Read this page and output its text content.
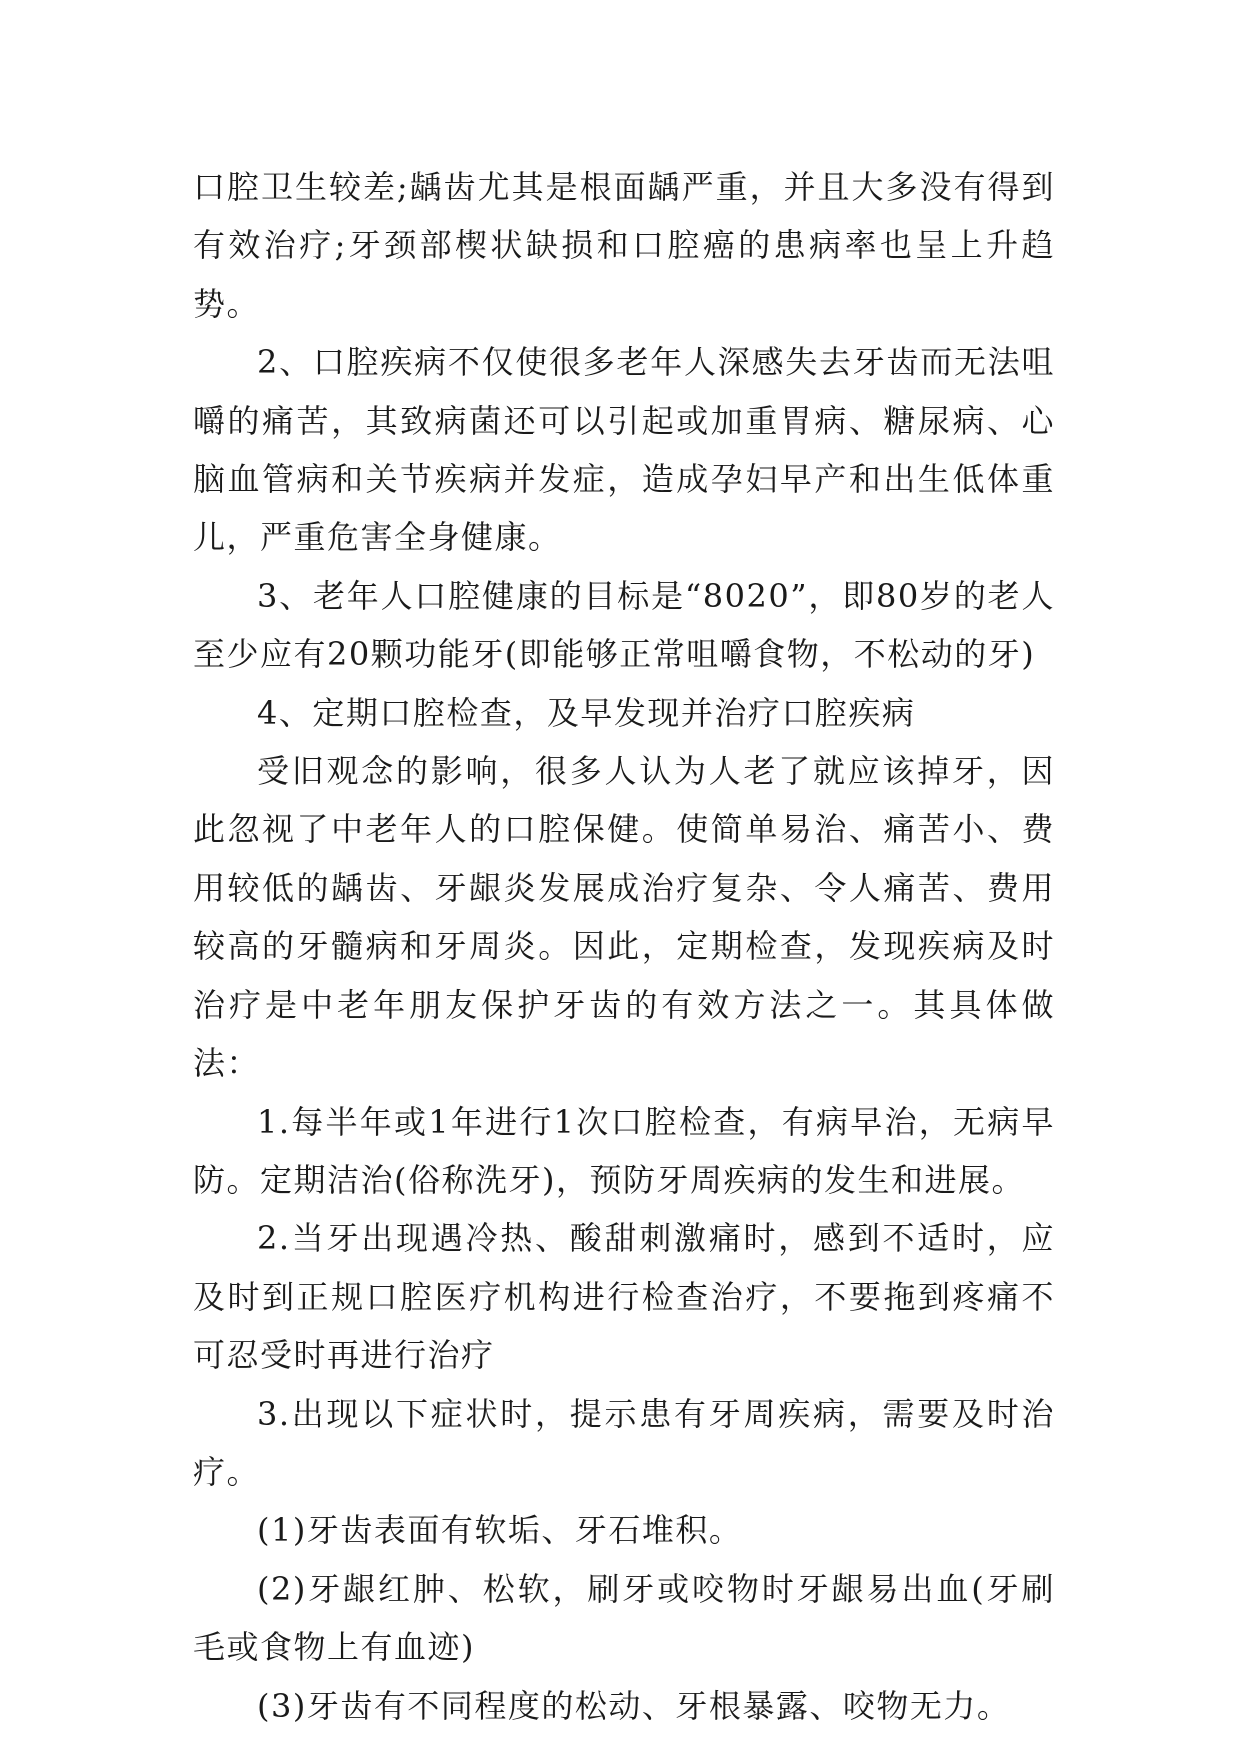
口腔卫生较差;龋齿尤其是根面龋严重，并且大多没有得到有效治疗;牙颈部楔状缺损和口腔癌的患病率也呈上升趋势。

2、口腔疾病不仅使很多老年人深感失去牙齿而无法咀嚼的痛苦，其致病菌还可以引起或加重胃病、糖尿病、心脑血管病和关节疾病并发症，造成孕妇早产和出生低体重儿，严重危害全身健康。

3、老年人口腔健康的目标是“8020”，即80岁的老人至少应有20颗功能牙(即能够正常咀嚼食物，不松动的牙)

4、定期口腔检查，及早发现并治疗口腔疾病

受旧观念的影响，很多人认为人老了就应该掉牙，因此忽视了中老年人的口腔保健。使简单易治、痛苦小、费用较低的龋齿、牙龈炎发展成治疗复杂、令人痛苦、费用较高的牙髓病和牙周炎。因此，定期检查，发现疾病及时治疗是中老年朋友保护牙齿的有效方法之一。其具体做法：

1.每半年或1年进行1次口腔检查，有病早治，无病早防。定期洁治(俗称洗牙)，预防牙周疾病的发生和进展。

2.当牙出现遇冷热、酸甜刺激痛时，感到不适时，应及时到正规口腔医疗机构进行检查治疗，不要拖到疼痛不可忍受时再进行治疗

3.出现以下症状时，提示患有牙周疾病，需要及时治疗。

(1)牙齿表面有软垢、牙石堆积。

(2)牙龈红肿、松软，刷牙或咬物时牙龈易出血(牙刷毛或食物上有血迹)

(3)牙齿有不同程度的松动、牙根暴露、咬物无力。
